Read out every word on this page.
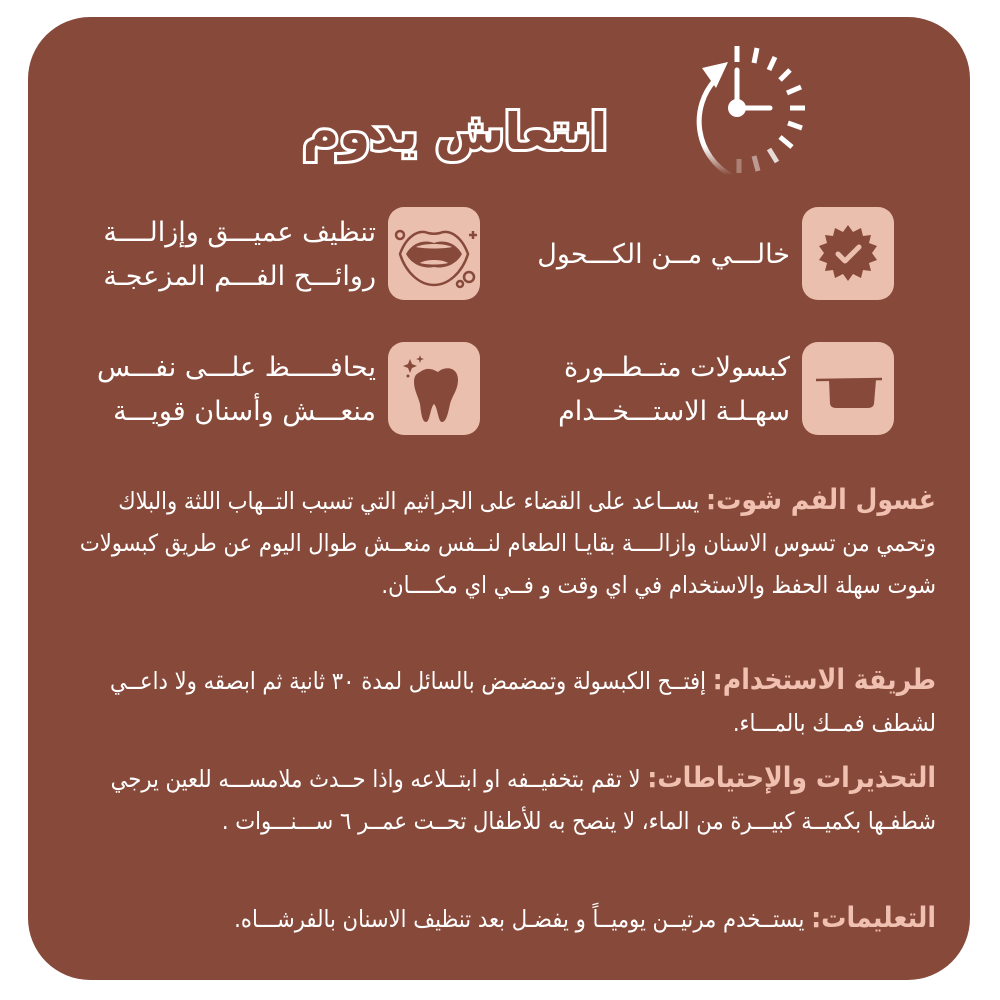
انتعاش يدوم
خالـــي مــن الكـــحول
تنظيف عميـــق وإزالــــة
روائـــح الفـــم المزعجـة
كبسولات متــطــورة
سهـلـة الاستـــخــدام
يحافـــــظ علـــى نفـــس
منعـــش وأسنان قويـــة
غسول الفم شوت: يســاعد على القضاء على الجراثيم التي تسبب التــهاب اللثة والبلاك وتحمي من تسوس الاسنان وازالــــة بقايـا الطعام لنــفس منعــش طوال اليوم عن طريق كبسولات شوت سهلة الحفظ والاستخدام في اي وقت و فــي اي مكــــان.
طريقة الاستخدام: إفتــح الكبسولة وتمضمض بالسائل لمدة ٣٠ ثانية ثم ابصقه ولا داعــي لشطف فمــك بالمـــاء.
التحذيرات والإحتياطات: لا تقم بتخفيــفه او ابتــلاعه واذا حــدث ملامســـه للعين يرجي شطفـها بكميــة كبيـــرة من الماء، لا ينصح به للأطفال تحــت عمــر ٦ ســـنـــوات .
التعليمات: يستــخدم مرتيــن يوميــاً و يفضـل بعد تنظيف الاسنان بالفرشـــاه.
